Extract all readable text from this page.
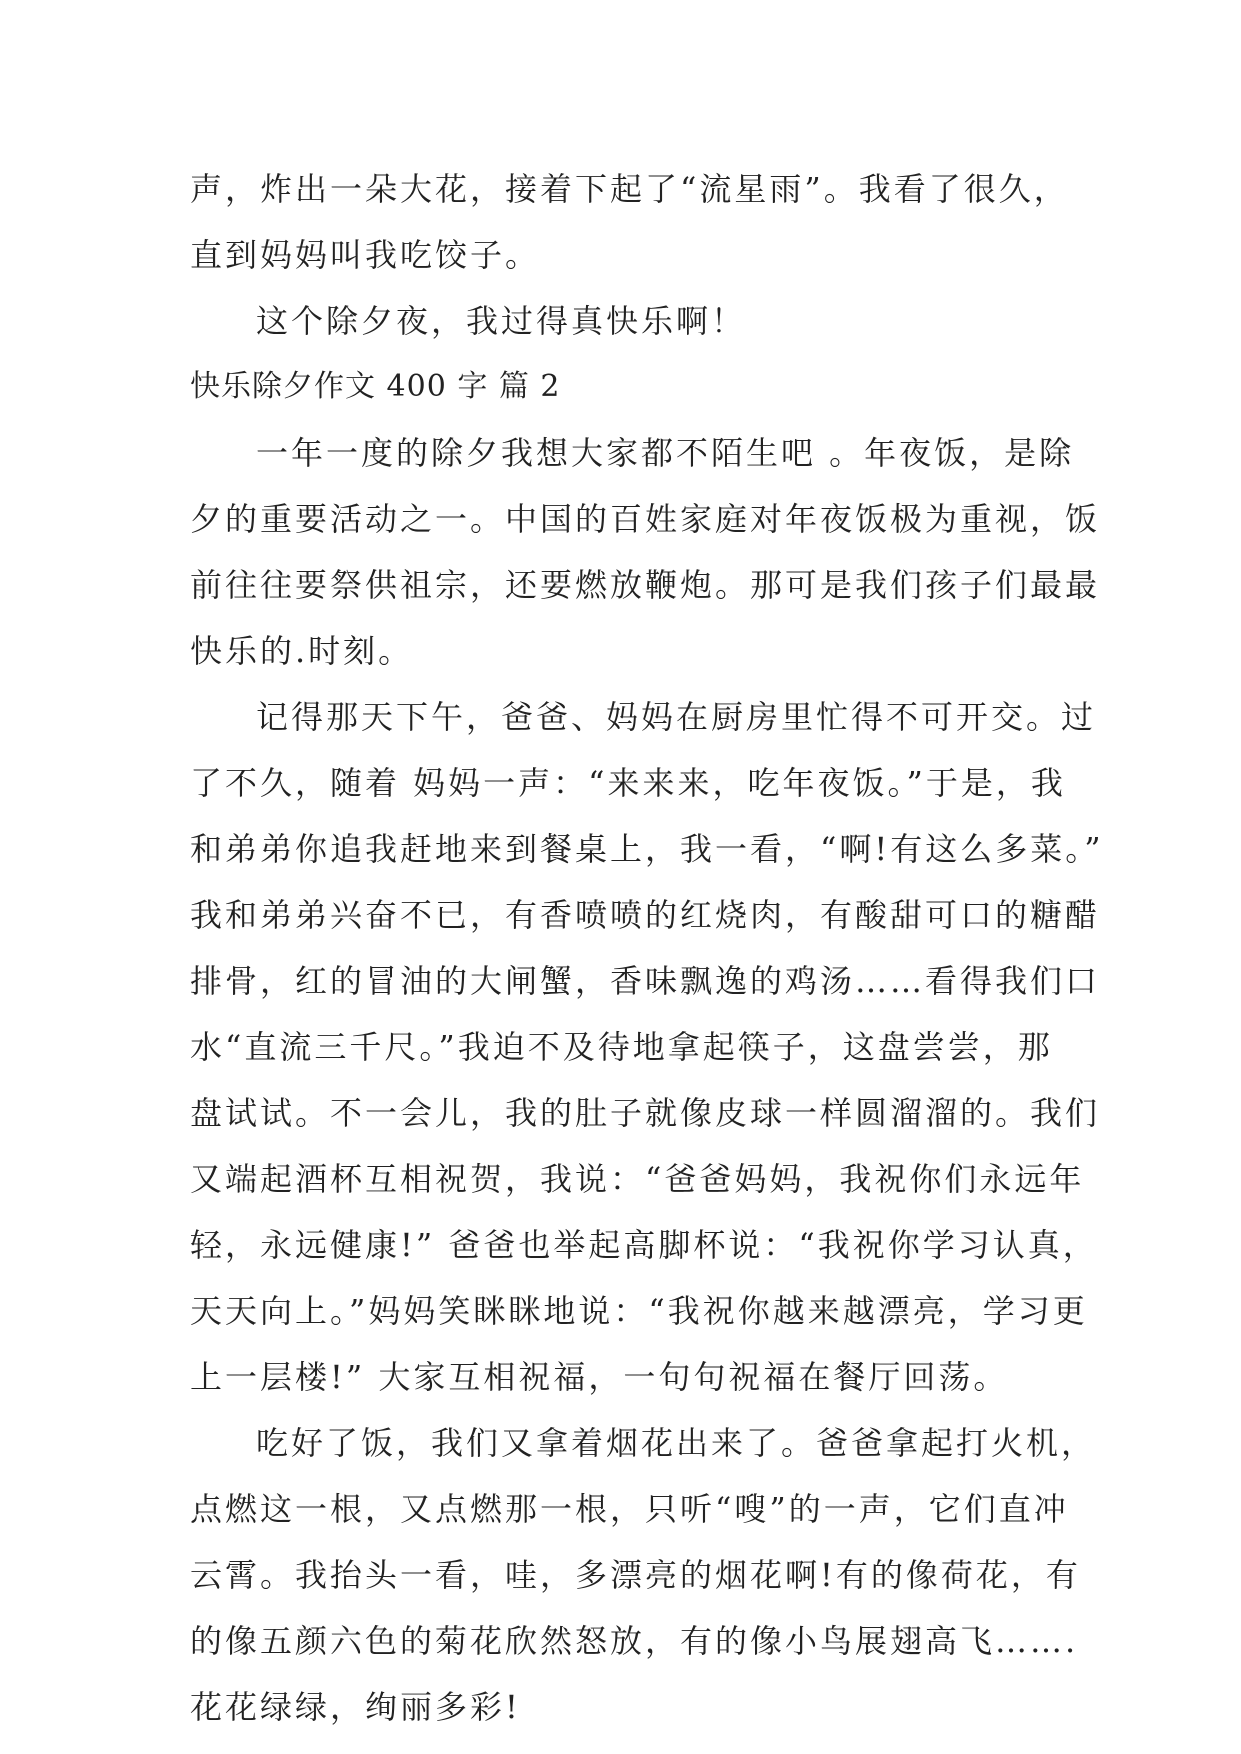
声，炸出一朵大花，接着下起了“流星雨”。我看了很久，
直到妈妈叫我吃饺子。
这个除夕夜，我过得真快乐啊！
快乐除夕作文 400 字 篇 2
一年一度的除夕我想大家都不陌生吧 。年夜饭，是除
夕的重要活动之一。中国的百姓家庭对年夜饭极为重视，饭
前往往要祭供祖宗，还要燃放鞭炮。那可是我们孩子们最最
快乐的.时刻。
记得那天下午，爸爸、妈妈在厨房里忙得不可开交。过
了不久，随着 妈妈一声：“来来来，吃年夜饭。”于是，我
和弟弟你追我赶地来到餐桌上，我一看，“啊!有这么多菜。”
我和弟弟兴奋不已，有香喷喷的红烧肉，有酸甜可口的糖醋
排骨，红的冒油的大闸蟹，香味飘逸的鸡汤……看得我们口
水“直流三千尺。”我迫不及待地拿起筷子，这盘尝尝，那
盘试试。不一会儿，我的肚子就像皮球一样圆溜溜的。我们
又端起酒杯互相祝贺，我说：“爸爸妈妈，我祝你们永远年
轻，永远健康!” 爸爸也举起高脚杯说：“我祝你学习认真，
天天向上。”妈妈笑眯眯地说：“我祝你越来越漂亮，学习更
上一层楼!” 大家互相祝福，一句句祝福在餐厅回荡。
吃好了饭，我们又拿着烟花出来了。爸爸拿起打火机，
点燃这一根，又点燃那一根，只听“嗖”的一声，它们直冲
云霄。我抬头一看，哇，多漂亮的烟花啊!有的像荷花，有
的像五颜六色的菊花欣然怒放，有的像小鸟展翅高飞…….
花花绿绿，绚丽多彩!
